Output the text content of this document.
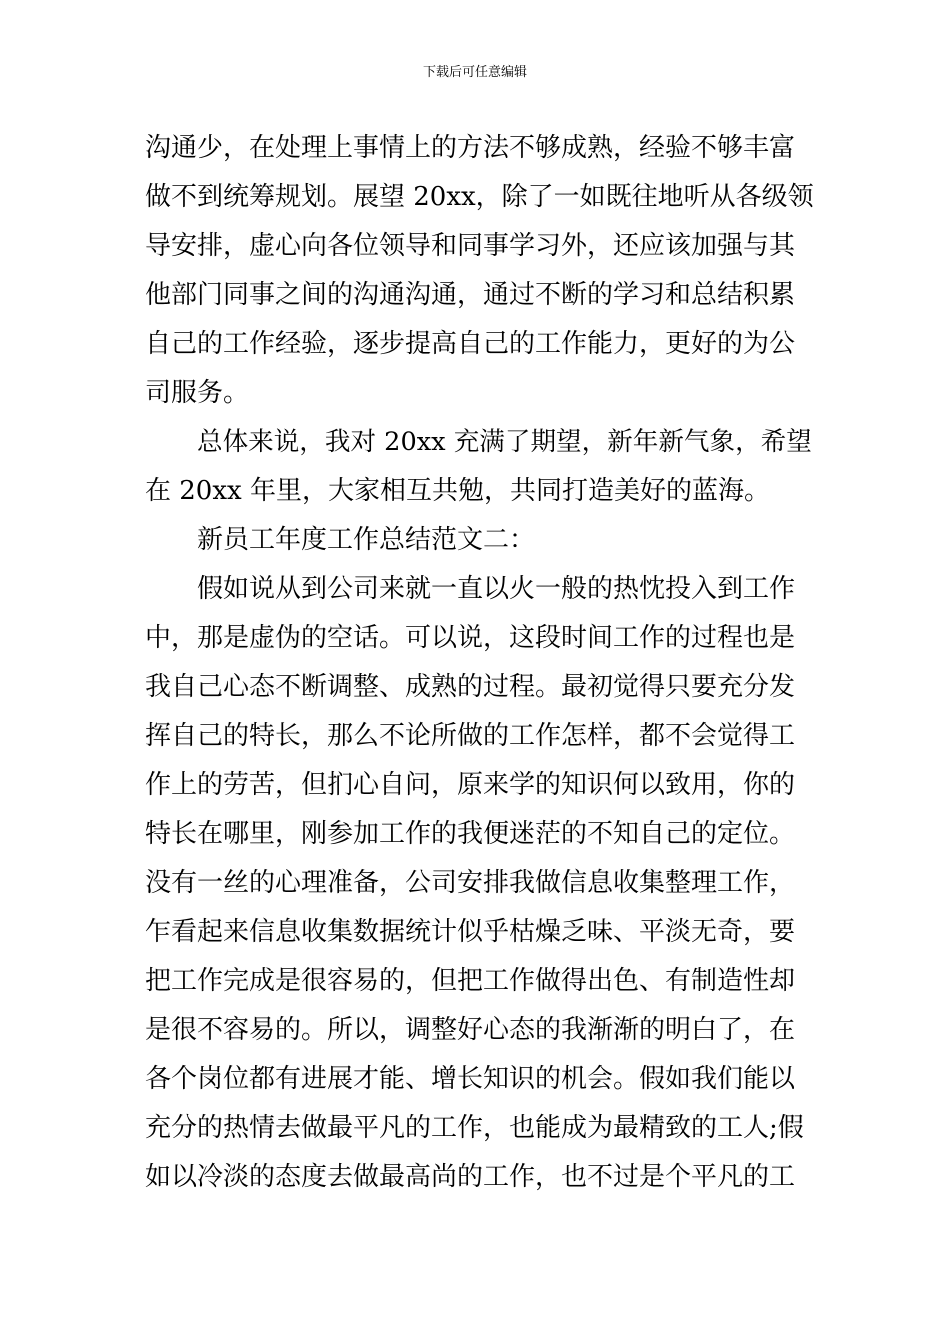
下载后可任意编辑
沟通少，在处理上事情上的方法不够成熟，经验不够丰富
做不到统筹规划。展望 20xx，除了一如既往地听从各级领
导安排，虚心向各位领导和同事学习外，还应该加强与其
他部门同事之间的沟通沟通，通过不断的学习和总结积累
自己的工作经验，逐步提高自己的工作能力，更好的为公
司服务。
总体来说，我对 20xx 充满了期望，新年新气象，希望
在 20xx 年里，大家相互共勉，共同打造美好的蓝海。
新员工年度工作总结范文二：
假如说从到公司来就一直以火一般的热忱投入到工作
中，那是虚伪的空话。可以说，这段时间工作的过程也是
我自己心态不断调整、成熟的过程。最初觉得只要充分发
挥自己的特长，那么不论所做的工作怎样，都不会觉得工
作上的劳苦，但扪心自问，原来学的知识何以致用，你的
特长在哪里，刚参加工作的我便迷茫的不知自己的定位。
没有一丝的心理准备，公司安排我做信息收集整理工作，
乍看起来信息收集数据统计似乎枯燥乏味、平淡无奇，要
把工作完成是很容易的，但把工作做得出色、有制造性却
是很不容易的。所以，调整好心态的我渐渐的明白了，在
各个岗位都有进展才能、增长知识的机会。假如我们能以
充分的热情去做最平凡的工作，也能成为最精致的工人;假
如以冷淡的态度去做最高尚的工作，也不过是个平凡的工
